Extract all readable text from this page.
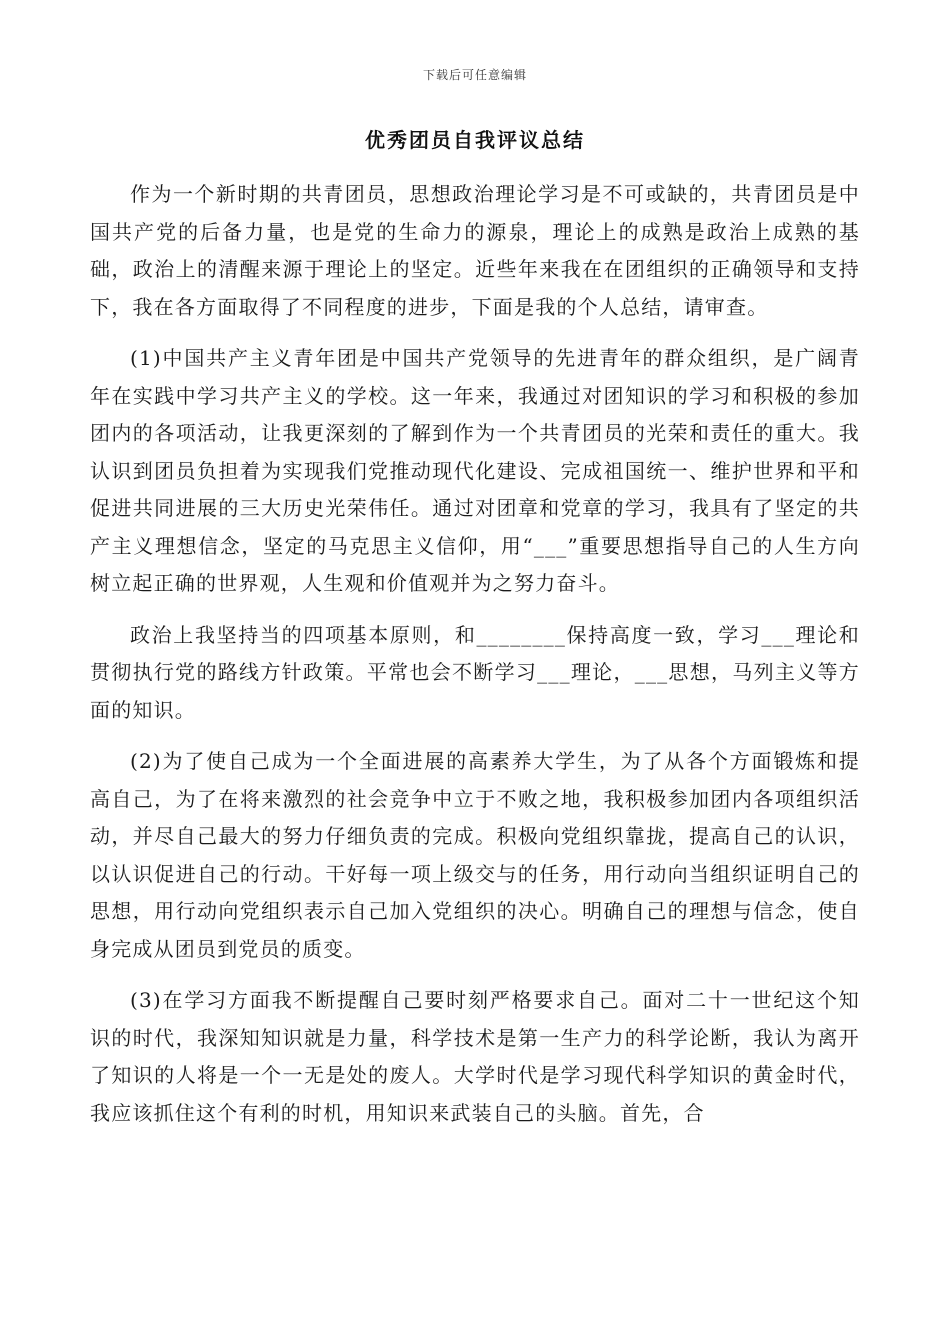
下载后可任意编辑
优秀团员自我评议总结

作为一个新时期的共青团员，思想政治理论学习是不可或缺的，共青团员是中国共产党的后备力量，也是党的生命力的源泉，理论上的成熟是政治上成熟的基础，政治上的清醒来源于理论上的坚定。近些年来我在在团组织的正确领导和支持下，我在各方面取得了不同程度的进步，下面是我的个人总结，请审查。

(1)中国共产主义青年团是中国共产党领导的先进青年的群众组织，是广阔青年在实践中学习共产主义的学校。这一年来，我通过对团知识的学习和积极的参加团内的各项活动，让我更深刻的了解到作为一个共青团员的光荣和责任的重大。我认识到团员负担着为实现我们党推动现代化建设、完成祖国统一、维护世界和平和促进共同进展的三大历史光荣伟任。通过对团章和党章的学习，我具有了坚定的共产主义理想信念，坚定的马克思主义信仰，用“___”重要思想指导自己的人生方向树立起正确的世界观，人生观和价值观并为之努力奋斗。

政治上我坚持当的四项基本原则，和________保持高度一致，学习___理论和贯彻执行党的路线方针政策。平常也会不断学习___理论，___思想，马列主义等方面的知识。

(2)为了使自己成为一个全面进展的高素养大学生，为了从各个方面锻炼和提高自己，为了在将来激烈的社会竞争中立于不败之地，我积极参加团内各项组织活动，并尽自己最大的努力仔细负责的完成。积极向党组织靠拢，提高自己的认识，以认识促进自己的行动。干好每一项上级交与的任务，用行动向当组织证明自己的思想，用行动向党组织表示自己加入党组织的决心。明确自己的理想与信念，使自身完成从团员到党员的质变。

(3)在学习方面我不断提醒自己要时刻严格要求自己。面对二十一世纪这个知识的时代，我深知知识就是力量，科学技术是第一生产力的科学论断，我认为离开了知识的人将是一个一无是处的废人。大学时代是学习现代科学知识的黄金时代，我应该抓住这个有利的时机，用知识来武装自己的头脑。首先，合
